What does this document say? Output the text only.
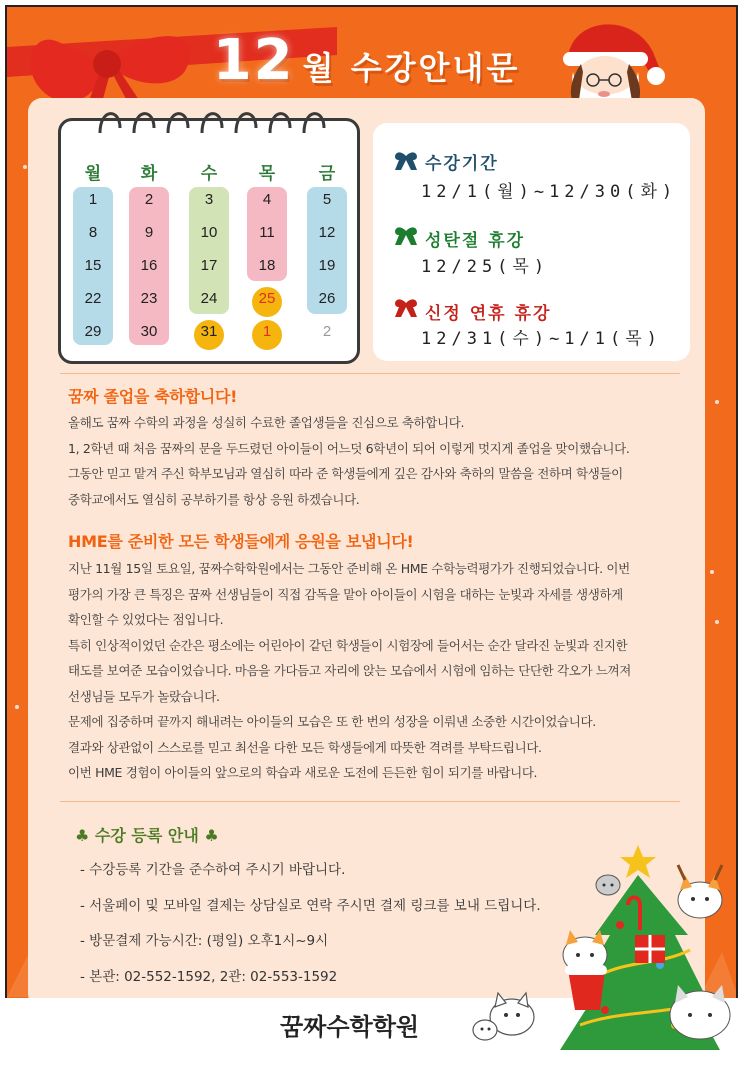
12 월 수강안내문
월	화	수	목	금
1	2	3	4	5
8	9	10	11	12
15	16	17	18	19
22	23	24	25	26
29	30	31	1	2
수강기간
12/1(월)~12/30(화)
성탄절 휴강
12/25(목)
신정 연휴 휴강
12/31(수)~1/1(목)
꿈짜 졸업을 축하합니다!

올해도 꿈짜 수학의 과정을 성실히 수료한 졸업생들을 진심으로 축하합니다.

1, 2학년 때 처음 꿈짜의 문을 두드렸던 아이들이 어느덧 6학년이 되어 이렇게 멋지게 졸업을 맞이했습니다.

그동안 믿고 맡겨 주신 학부모님과 열심히 따라 준 학생들에게 깊은 감사와 축하의 말씀을 전하며 학생들이

중학교에서도 열심히 공부하기를 항상 응원 하겠습니다.

HME를 준비한 모든 학생들에게 응원을 보냅니다!

지난 11월 15일 토요일, 꿈짜수학학원에서는 그동안 준비해 온 HME 수학능력평가가 진행되었습니다. 이번

평가의 가장 큰 특징은 꿈짜 선생님들이 직접 감독을 맡아 아이들이 시험을 대하는 눈빛과 자세를 생생하게

확인할 수 있었다는 점입니다.

특히 인상적이었던 순간은 평소에는 어린아이 같던 학생들이 시험장에 들어서는 순간 달라진 눈빛과 진지한

태도를 보여준 모습이었습니다. 마음을 가다듬고 자리에 앉는 모습에서 시험에 임하는 단단한 각오가 느껴져

선생님들 모두가 놀랐습니다.

문제에 집중하며 끝까지 해내려는 아이들의 모습은 또 한 번의 성장을 이뤄낸 소중한 시간이었습니다.

결과와 상관없이 스스로를 믿고 최선을 다한 모든 학생들에게 따뜻한 격려를 부탁드립니다.

이번 HME 경험이 아이들의 앞으로의 학습과 새로운 도전에 든든한 힘이 되기를 바랍니다.

♣ 수강 등록 안내 ♣
- 수강등록 기간을 준수하여 주시기 바랍니다.
- 서울페이 및 모바일 결제는 상담실로 연락 주시면 결제 링크를 보내 드립니다.
- 방문결제 가능시간: (평일) 오후1시~9시
- 본관: 02-552-1592, 2관: 02-553-1592
꿈짜수학학원
